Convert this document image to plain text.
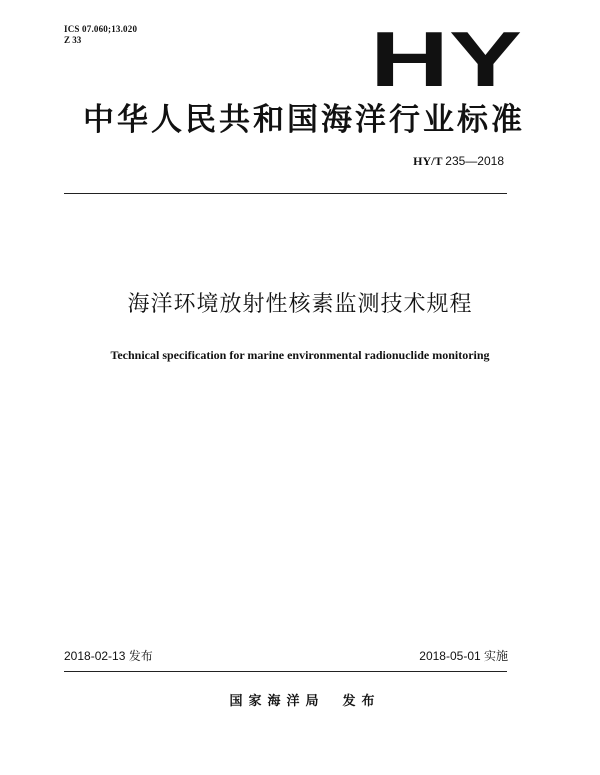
ICS 07.060;13.020
Z 33	HY
中华人民共和国海洋行业标准
HY/T 235—2018
海洋环境放射性核素监测技术规程
Technical specification for marine environmental radionuclide monitoring
2018-02-13 发布	2018-05-01 实施
国家海洋局 发布
